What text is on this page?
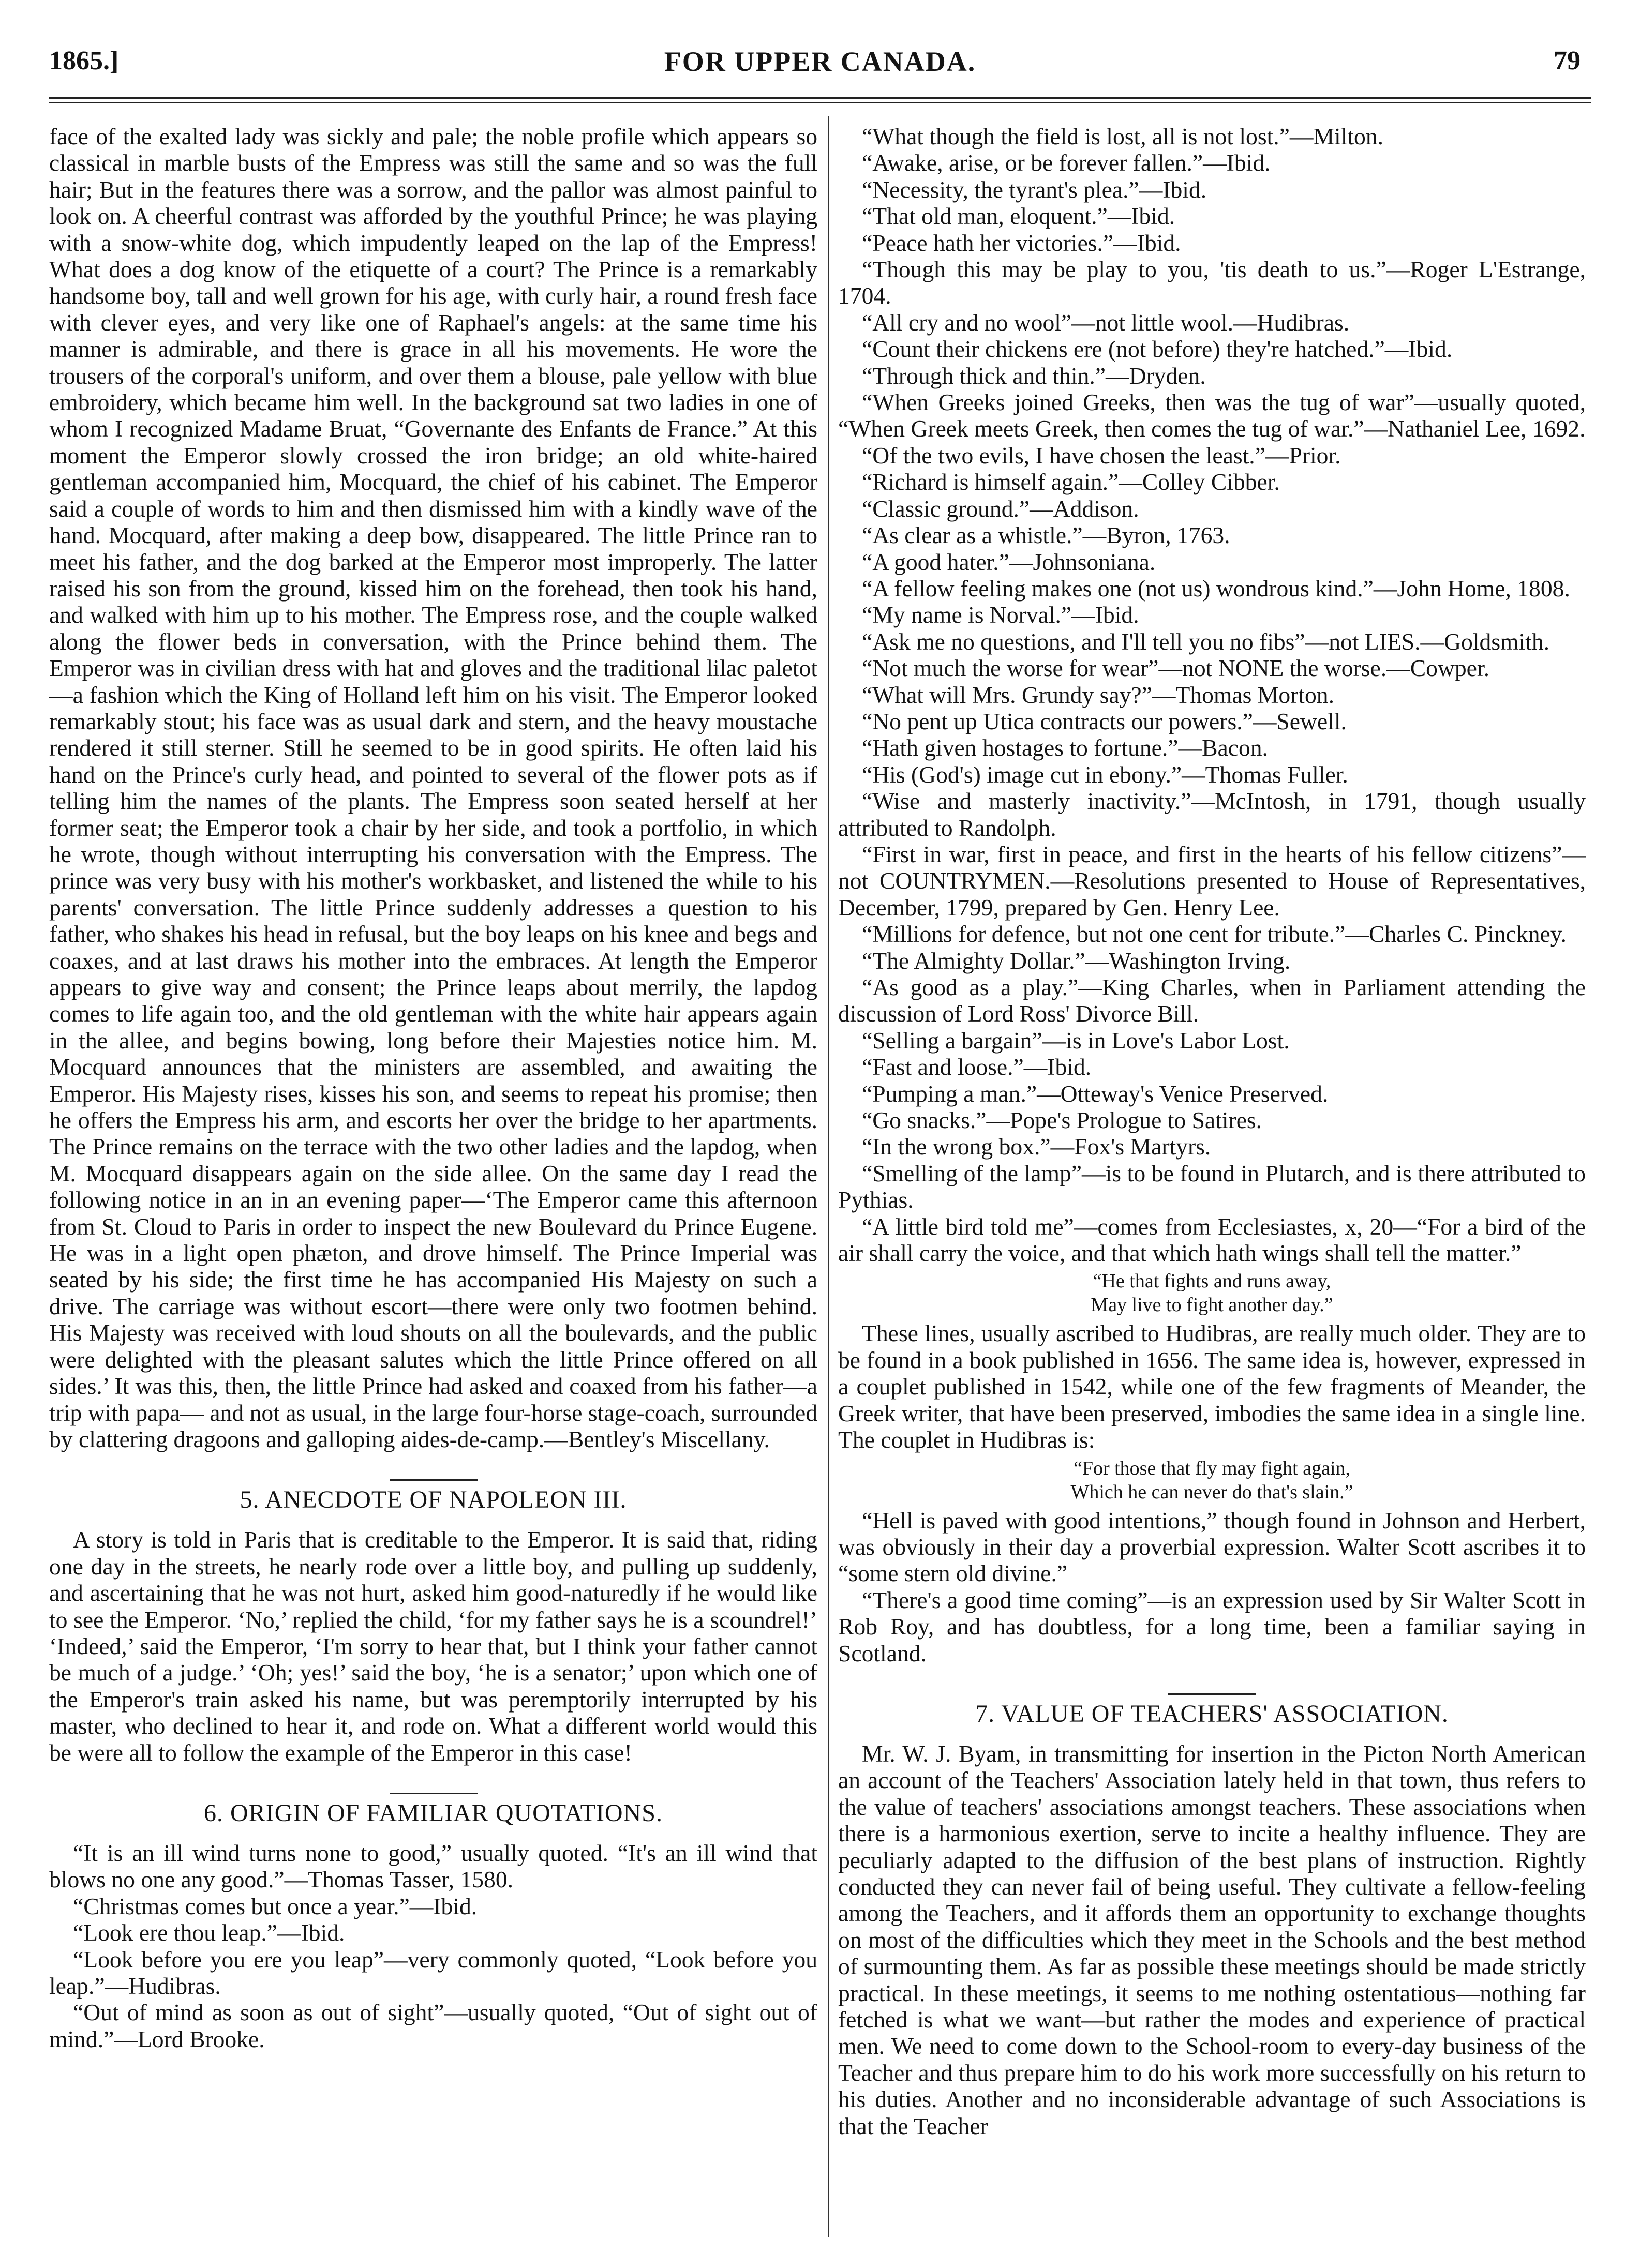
1865.]	FOR UPPER CANADA.	79

face of the exalted lady was sickly and pale; the noble profile which appears so classical in marble busts of the Empress was still the same and so was the full hair; But in the features there was a sorrow, and the pallor was almost painful to look on. A cheerful contrast was afforded by the youthful Prince; he was playing with a snow-white dog, which impudently leaped on the lap of the Empress! What does a dog know of the etiquette of a court? The Prince is a remarkably handsome boy, tall and well grown for his age, with curly hair, a round fresh face with clever eyes, and very like one of Raphael's angels: at the same time his manner is admirable, and there is grace in all his movements. He wore the trousers of the corporal's uniform, and over them a blouse, pale yellow with blue embroidery, which became him well. In the background sat two ladies in one of whom I recognized Madame Bruat, “Governante des Enfants de France.” At this moment the Emperor slowly crossed the iron bridge; an old white-haired gentleman accompanied him, Mocquard, the chief of his cabinet. The Emperor said a couple of words to him and then dismissed him with a kindly wave of the hand. Mocquard, after making a deep bow, disappeared. The little Prince ran to meet his father, and the dog barked at the Emperor most improperly. The latter raised his son from the ground, kissed him on the forehead, then took his hand, and walked with him up to his mother. The Empress rose, and the couple walked along the flower beds in conversation, with the Prince behind them. The Emperor was in civilian dress with hat and gloves and the traditional lilac paletot—a fashion which the King of Holland left him on his visit. The Emperor looked remarkably stout; his face was as usual dark and stern, and the heavy moustache rendered it still sterner. Still he seemed to be in good spirits. He often laid his hand on the Prince's curly head, and pointed to several of the flower pots as if telling him the names of the plants. The Empress soon seated herself at her former seat; the Emperor took a chair by her side, and took a portfolio, in which he wrote, though without interrupting his conversation with the Empress. The prince was very busy with his mother's workbasket, and listened the while to his parents' conversation. The little Prince suddenly addresses a question to his father, who shakes his head in refusal, but the boy leaps on his knee and begs and coaxes, and at last draws his mother into the embraces. At length the Emperor appears to give way and consent; the Prince leaps about merrily, the lapdog comes to life again too, and the old gentleman with the white hair appears again in the allee, and begins bowing, long before their Majesties notice him. M. Mocquard announces that the ministers are assembled, and awaiting the Emperor. His Majesty rises, kisses his son, and seems to repeat his promise; then he offers the Empress his arm, and escorts her over the bridge to her apartments. The Prince remains on the terrace with the two other ladies and the lapdog, when M. Mocquard disappears again on the side allee. On the same day I read the following notice in an in an evening paper—‘The Emperor came this afternoon from St. Cloud to Paris in order to inspect the new Boulevard du Prince Eugene. He was in a light open phæton, and drove himself. The Prince Imperial was seated by his side; the first time he has accompanied His Majesty on such a drive. The carriage was without escort—there were only two footmen behind. His Majesty was received with loud shouts on all the boulevards, and the public were delighted with the pleasant salutes which the little Prince offered on all sides.’ It was this, then, the little Prince had asked and coaxed from his father—a trip with papa— and not as usual, in the large four-horse stage-coach, surrounded by clattering dragoons and galloping aides-de-camp.—Bentley's Miscellany.

5. ANECDOTE OF NAPOLEON III.

A story is told in Paris that is creditable to the Emperor. It is said that, riding one day in the streets, he nearly rode over a little boy, and pulling up suddenly, and ascertaining that he was not hurt, asked him good-naturedly if he would like to see the Emperor. ‘No,’ replied the child, ‘for my father says he is a scoundrel!’ ‘Indeed,’ said the Emperor, ‘I'm sorry to hear that, but I think your father cannot be much of a judge.’ ‘Oh; yes!’ said the boy, ‘he is a senator;’ upon which one of the Emperor's train asked his name, but was peremptorily interrupted by his master, who declined to hear it, and rode on. What a different world would this be were all to follow the example of the Emperor in this case!

6. ORIGIN OF FAMILIAR QUOTATIONS.

“It is an ill wind turns none to good,” usually quoted. “It's an ill wind that blows no one any good.”—Thomas Tasser, 1580.

“Christmas comes but once a year.”—Ibid.

“Look ere thou leap.”—Ibid.

“Look before you ere you leap”—very commonly quoted, “Look before you leap.”—Hudibras.

“Out of mind as soon as out of sight”—usually quoted, “Out of sight out of mind.”—Lord Brooke.

“What though the field is lost, all is not lost.”—Milton.

“Awake, arise, or be forever fallen.”—Ibid.

“Necessity, the tyrant's plea.”—Ibid.

“That old man, eloquent.”—Ibid.

“Peace hath her victories.”—Ibid.

“Though this may be play to you, 'tis death to us.”—Roger L'Estrange, 1704.

“All cry and no wool”—not little wool.—Hudibras.

“Count their chickens ere (not before) they're hatched.”—Ibid.

“Through thick and thin.”—Dryden.

“When Greeks joined Greeks, then was the tug of war”—usually quoted, “When Greek meets Greek, then comes the tug of war.”—Nathaniel Lee, 1692.

“Of the two evils, I have chosen the least.”—Prior.

“Richard is himself again.”—Colley Cibber.

“Classic ground.”—Addison.

“As clear as a whistle.”—Byron, 1763.

“A good hater.”—Johnsoniana.

“A fellow feeling makes one (not us) wondrous kind.”—John Home, 1808.

“My name is Norval.”—Ibid.

“Ask me no questions, and I'll tell you no fibs”—not LIES.—Goldsmith.

“Not much the worse for wear”—not NONE the worse.—Cowper.

“What will Mrs. Grundy say?”—Thomas Morton.

“No pent up Utica contracts our powers.”—Sewell.

“Hath given hostages to fortune.”—Bacon.

“His (God's) image cut in ebony.”—Thomas Fuller.

“Wise and masterly inactivity.”—McIntosh, in 1791, though usually attributed to Randolph.

“First in war, first in peace, and first in the hearts of his fellow citizens”—not COUNTRYMEN.—Resolutions presented to House of Representatives, December, 1799, prepared by Gen. Henry Lee.

“Millions for defence, but not one cent for tribute.”—Charles C. Pinckney.

“The Almighty Dollar.”—Washington Irving.

“As good as a play.”—King Charles, when in Parliament attending the discussion of Lord Ross' Divorce Bill.

“Selling a bargain”—is in Love's Labor Lost.

“Fast and loose.”—Ibid.

“Pumping a man.”—Otteway's Venice Preserved.

“Go snacks.”—Pope's Prologue to Satires.

“In the wrong box.”—Fox's Martyrs.

“Smelling of the lamp”—is to be found in Plutarch, and is there attributed to Pythias.

“A little bird told me”—comes from Ecclesiastes, x, 20—“For a bird of the air shall carry the voice, and that which hath wings shall tell the matter.”

“He that fights and runs away,
May live to fight another day.”

These lines, usually ascribed to Hudibras, are really much older. They are to be found in a book published in 1656. The same idea is, however, expressed in a couplet published in 1542, while one of the few fragments of Meander, the Greek writer, that have been preserved, imbodies the same idea in a single line. The couplet in Hudibras is:

“For those that fly may fight again,
Which he can never do that's slain.”

“Hell is paved with good intentions,” though found in Johnson and Herbert, was obviously in their day a proverbial expression. Walter Scott ascribes it to “some stern old divine.”

“There's a good time coming”—is an expression used by Sir Walter Scott in Rob Roy, and has doubtless, for a long time, been a familiar saying in Scotland.

7. VALUE OF TEACHERS' ASSOCIATION.

Mr. W. J. Byam, in transmitting for insertion in the Picton North American an account of the Teachers' Association lately held in that town, thus refers to the value of teachers' associations amongst teachers. These associations when there is a harmonious exertion, serve to incite a healthy influence. They are peculiarly adapted to the diffusion of the best plans of instruction. Rightly conducted they can never fail of being useful. They cultivate a fellow-feeling among the Teachers, and it affords them an opportunity to exchange thoughts on most of the difficulties which they meet in the Schools and the best method of surmounting them. As far as possible these meetings should be made strictly practical. In these meetings, it seems to me nothing ostentatious—nothing far fetched is what we want—but rather the modes and experience of practical men. We need to come down to the School-room to every-day business of the Teacher and thus prepare him to do his work more successfully on his return to his duties. Another and no inconsiderable advantage of such Associations is that the Teacher
